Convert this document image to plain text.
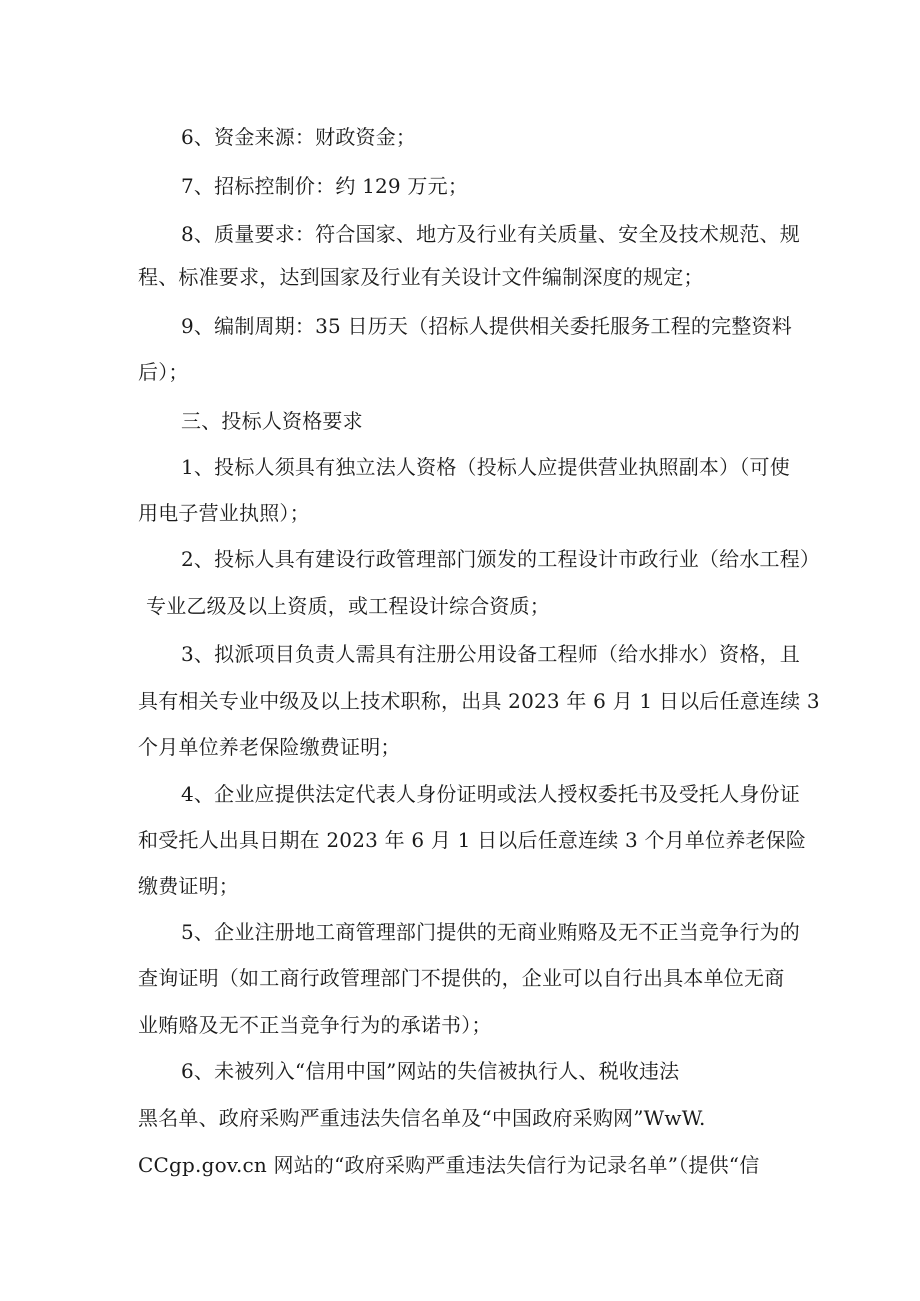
6、资金来源：财政资金；
7、招标控制价：约 129 万元；
8、质量要求：符合国家、地方及行业有关质量、安全及技术规范、规
程、标准要求，达到国家及行业有关设计文件编制深度的规定；
9、编制周期：35 日历天（招标人提供相关委托服务工程的完整资料
后）；
三、投标人资格要求
1、投标人须具有独立法人资格（投标人应提供营业执照副本）（可使
用电子营业执照）；
2、投标人具有建设行政管理部门颁发的工程设计市政行业（给水工程）
专业乙级及以上资质，或工程设计综合资质；
3、拟派项目负责人需具有注册公用设备工程师（给水排水）资格，且
具有相关专业中级及以上技术职称，出具 2023 年 6 月 1 日以后任意连续 3
个月单位养老保险缴费证明；
4、企业应提供法定代表人身份证明或法人授权委托书及受托人身份证
和受托人出具日期在 2023 年 6 月 1 日以后任意连续 3 个月单位养老保险
缴费证明；
5、企业注册地工商管理部门提供的无商业贿赂及无不正当竞争行为的
查询证明（如工商行政管理部门不提供的，企业可以自行出具本单位无商
业贿赂及无不正当竞争行为的承诺书）；
6、未被列入“信用中国”网站的失信被执行人、税收违法
黑名单、政府采购严重违法失信名单及“中国政府采购网”WwW.
CCgp.gov.cn 网站的“政府采购严重违法失信行为记录名单”（提供“信
